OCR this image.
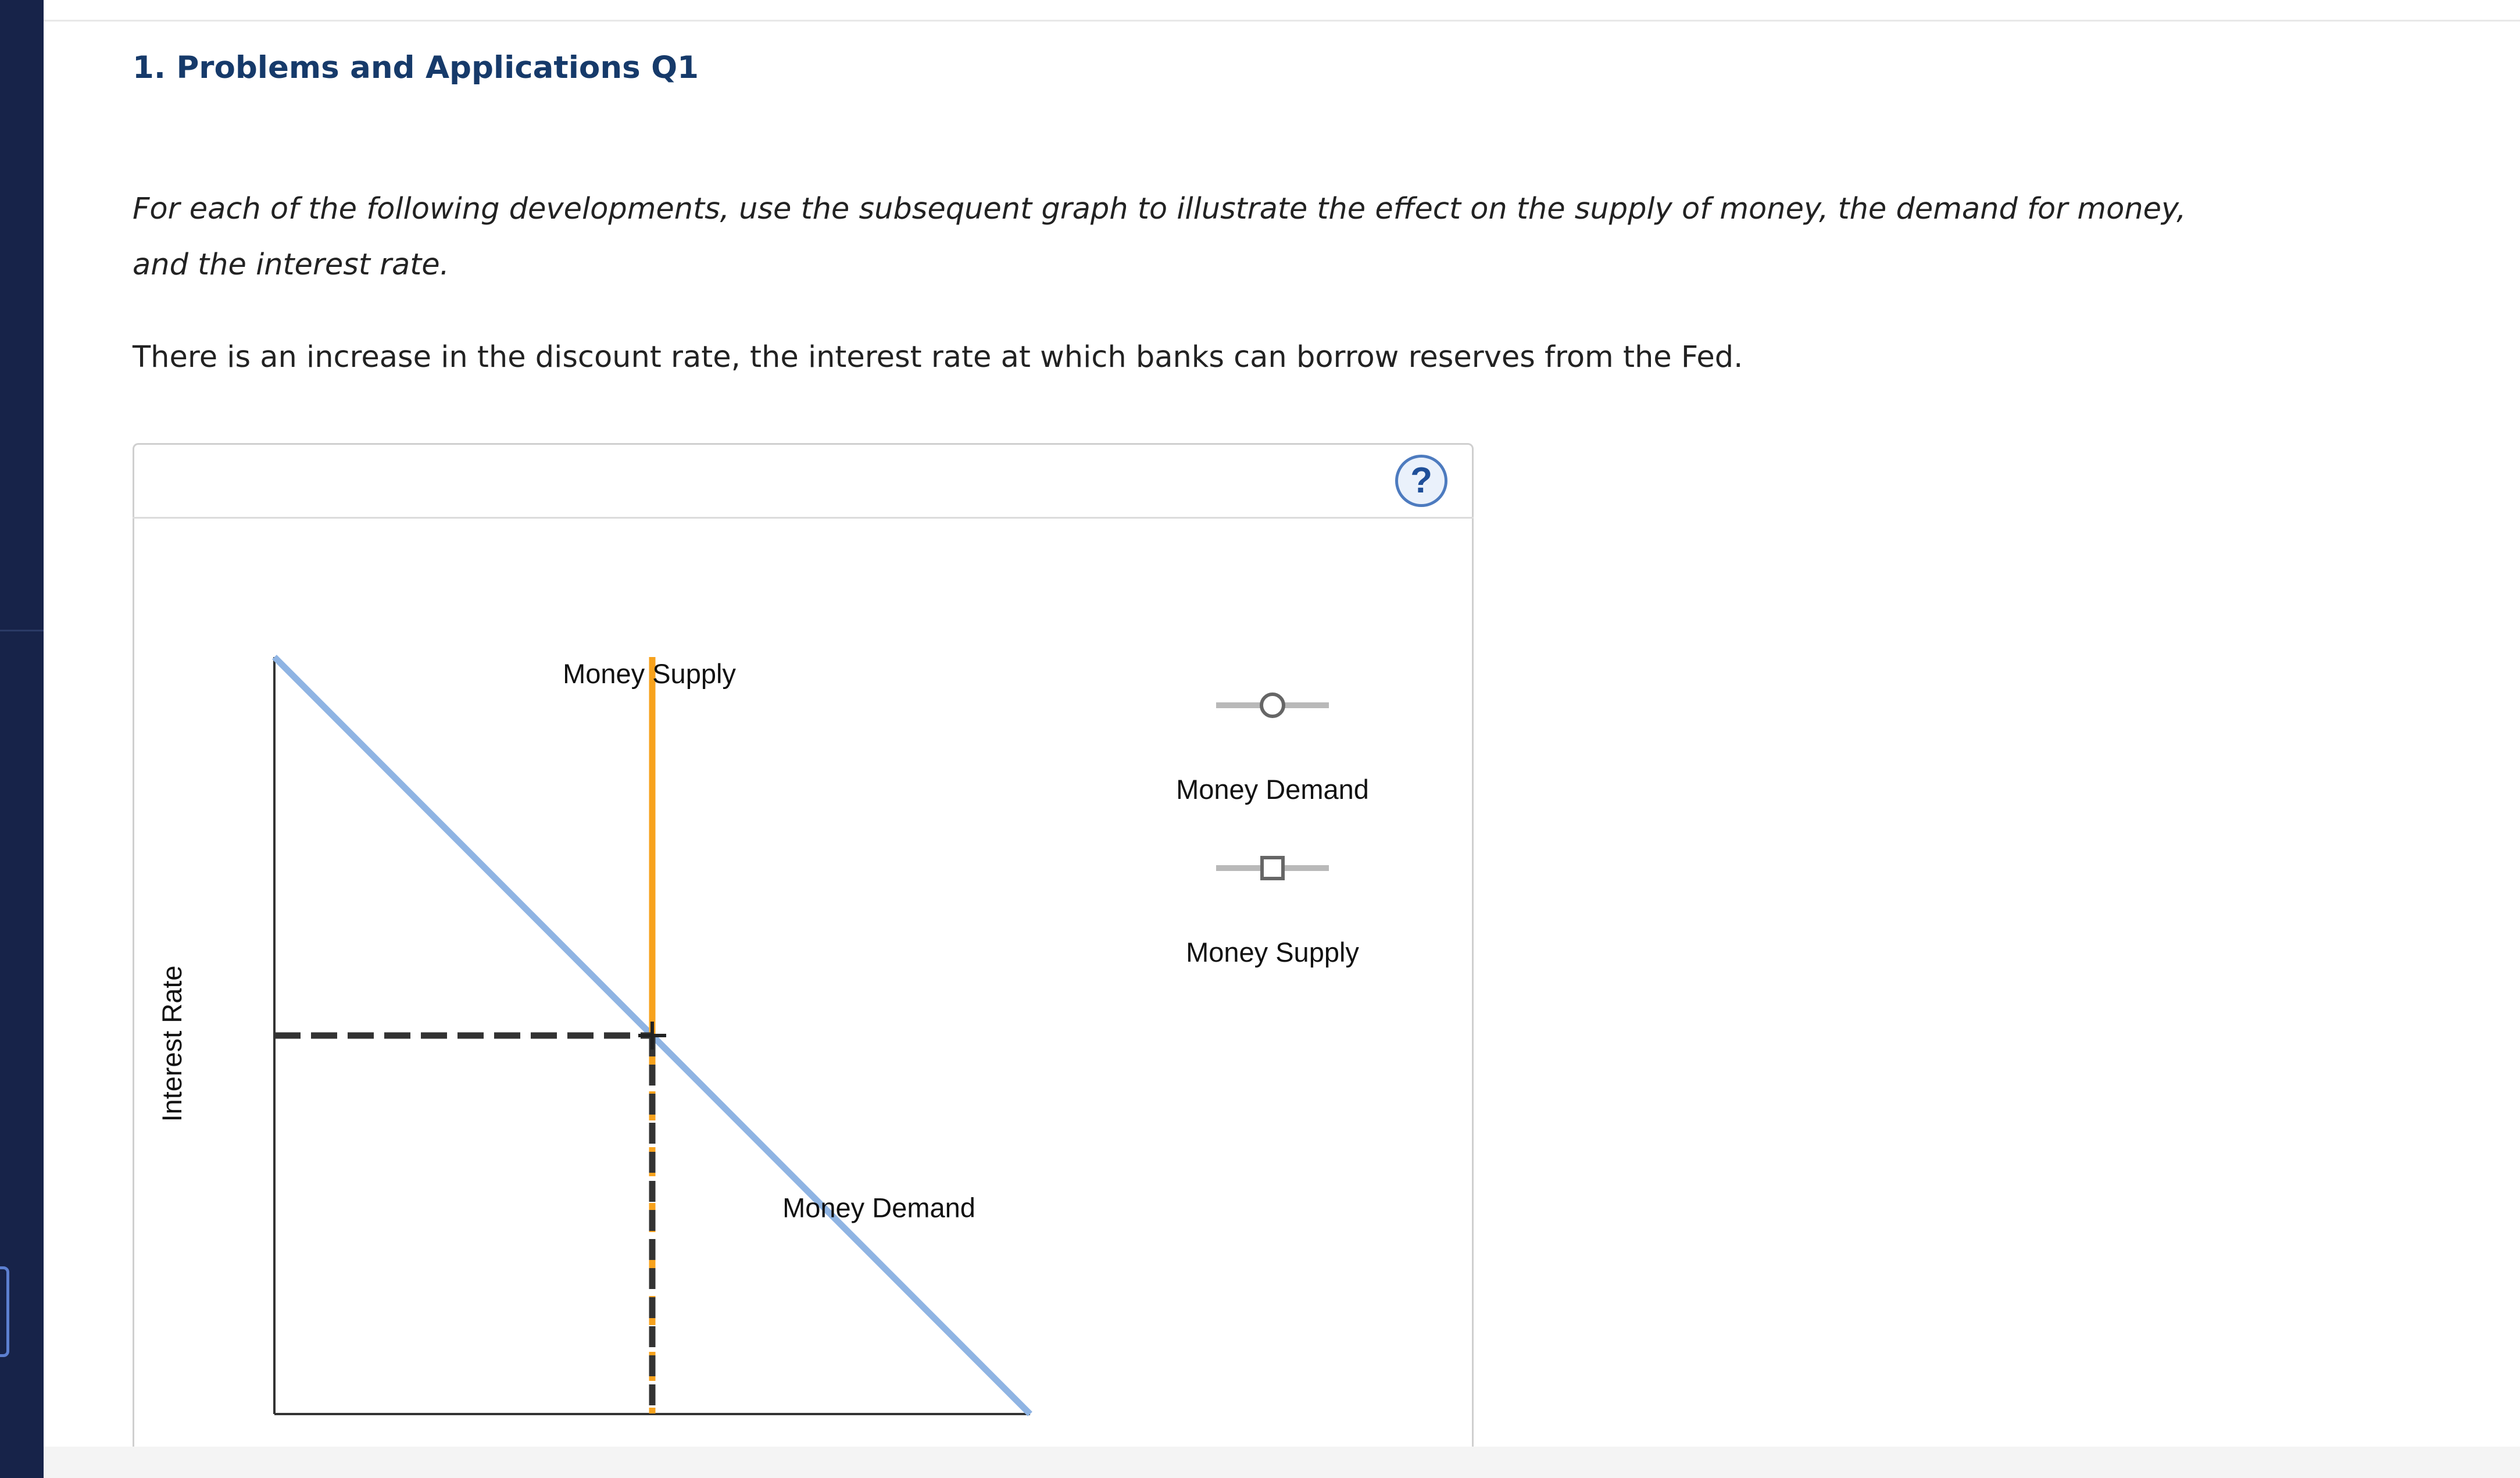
1. Problems and Applications Q1
For each of the following developments, use the subsequent graph to illustrate the effect on the supply of money, the demand for money, and the interest rate.
There is an increase in the discount rate, the interest rate at which banks can borrow reserves from the Fed.
?
Money Supply
Money Demand
Interest Rate
Money Demand
Money Supply
